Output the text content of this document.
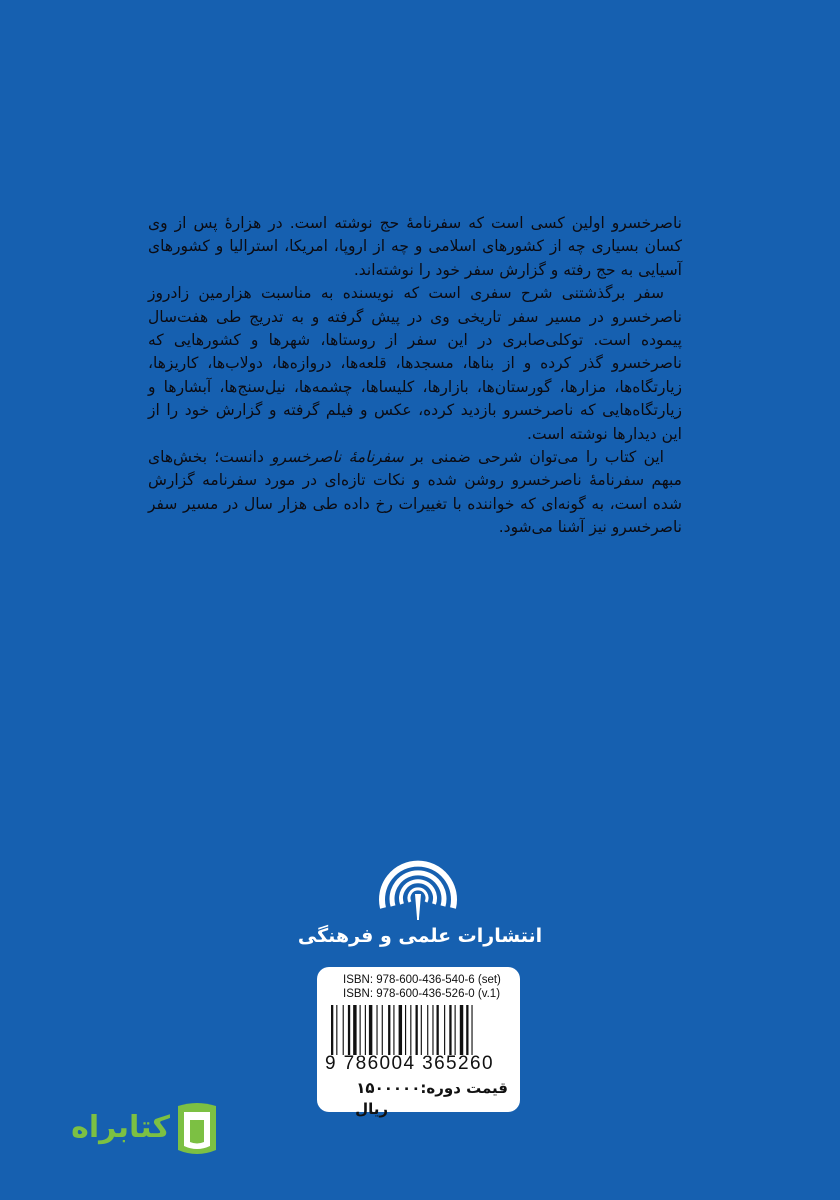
ناصرخسرو اولین کسی است که سفرنامهٔ حج نوشته است. در هزارهٔ پس از وی کسان بسیاری چه از کشورهای اسلامی و چه از اروپا، امریکا، استرالیا و کشورهای آسیایی به حج رفته و گزارش سفر خود را نوشته‌اند.

سفر برگذشتنی شرح سفری است که نویسنده به مناسبت هزارمین زادروز ناصرخسرو در مسیر سفر تاریخی وی در پیش گرفته و به تدریج طی هفت‌سال پیموده است. توکلی‌صابری در این سفر از روستاها، شهرها و کشورهایی که ناصرخسرو گذر کرده و از بناها، مسجدها، قلعه‌ها، دروازه‌ها، دولاب‌ها، کاریزها، زیارتگاه‌ها، مزارها، گورستان‌ها، بازارها، کلیساها، چشمه‌ها، نیل‌سنج‌ها، آبشارها و زیارتگاه‌هایی که ناصرخسرو بازدید کرده، عکس و فیلم گرفته و گزارش خود را از این دیدارها نوشته است.

این کتاب را می‌توان شرحی ضمنی بر سفرنامهٔ ناصرخسرو دانست؛ بخش‌های مبهم سفرنامهٔ ناصرخسرو روشن شده و نکات تازه‌ای در مورد سفرنامه گزارش شده است، به گونه‌ای که خواننده با تغییرات رخ داده طی هزار سال در مسیر سفر ناصرخسرو نیز آشنا می‌شود.

انتشارات علمی و فرهنگی
ISBN: 978-600-436-540-6 (set)
ISBN: 978-600-436-526-0 (v.1)
9 786004 365260
قیمت دوره:۱۵۰۰۰۰۰
ریال
کتابراه
